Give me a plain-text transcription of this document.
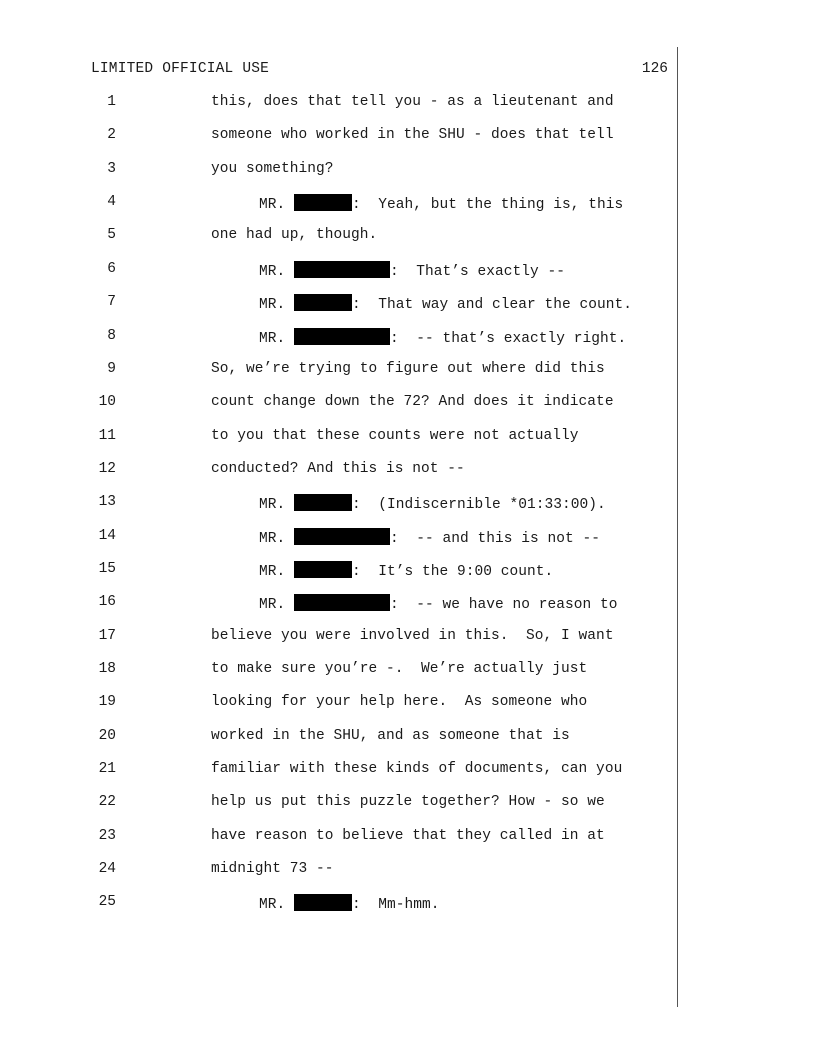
LIMITED OFFICIAL USE	126
1	this, does that tell you - as a lieutenant and
2	someone who worked in the SHU - does that tell
3	you something?
4	MR.	:  Yeah, but the thing is, this
5	one had up, though.
6	MR.	:  That’s exactly --
7	MR.	:  That way and clear the count.
8	MR.	:  -- that’s exactly right.
9	So, we’re trying to figure out where did this
10	count change down the 72? And does it indicate
11	to you that these counts were not actually
12	conducted? And this is not --
13	MR.	:  (Indiscernible *01:33:00).
14	MR.	:  -- and this is not --
15	MR.	:  It’s the 9:00 count.
16	MR.	:  -- we have no reason to
17	believe you were involved in this.  So, I want
18	to make sure you’re -.  We’re actually just
19	looking for your help here.  As someone who
20	worked in the SHU, and as someone that is
21	familiar with these kinds of documents, can you
22	help us put this puzzle together? How - so we
23	have reason to believe that they called in at
24	midnight 73 --
25	MR.	:  Mm-hmm.
